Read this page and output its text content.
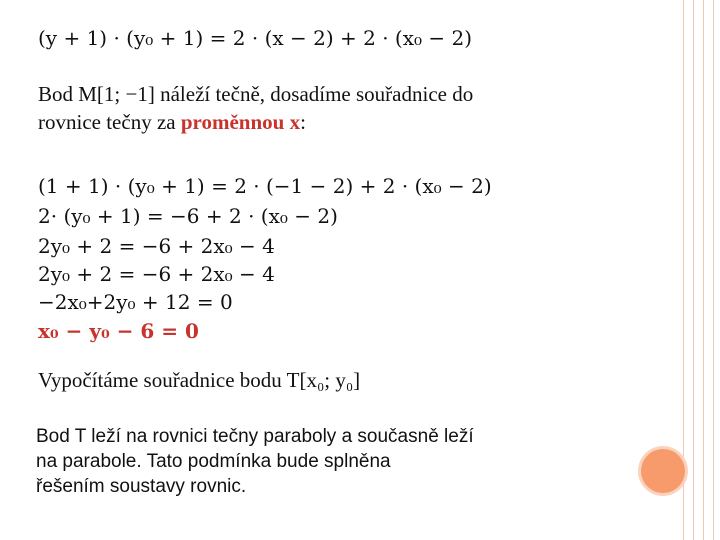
(y + 1) · (y₀ + 1) = 2 · (x − 2) + 2 · (x₀ − 2)
Bod M[1; −1] náleží tečně, dosadíme souřadnice do
rovnice tečny za proměnnou x:
(1 + 1) · (y₀ + 1) = 2 · (−1 − 2) + 2 · (x₀ − 2)
2· (y₀ + 1) = −6 + 2 · (x₀ − 2)
2y₀ + 2 = −6 + 2x₀ − 4
2y₀ + 2 = −6 + 2x₀ − 4
−2x₀+2y₀ + 12 = 0
x₀ − y₀ − 6 = 0
Vypočítáme souřadnice bodu T[x₀; y₀]
Bod T leží na rovnici tečny paraboly a současně leží
na parabole. Tato podmínka bude splněna
řešením soustavy rovnic.
